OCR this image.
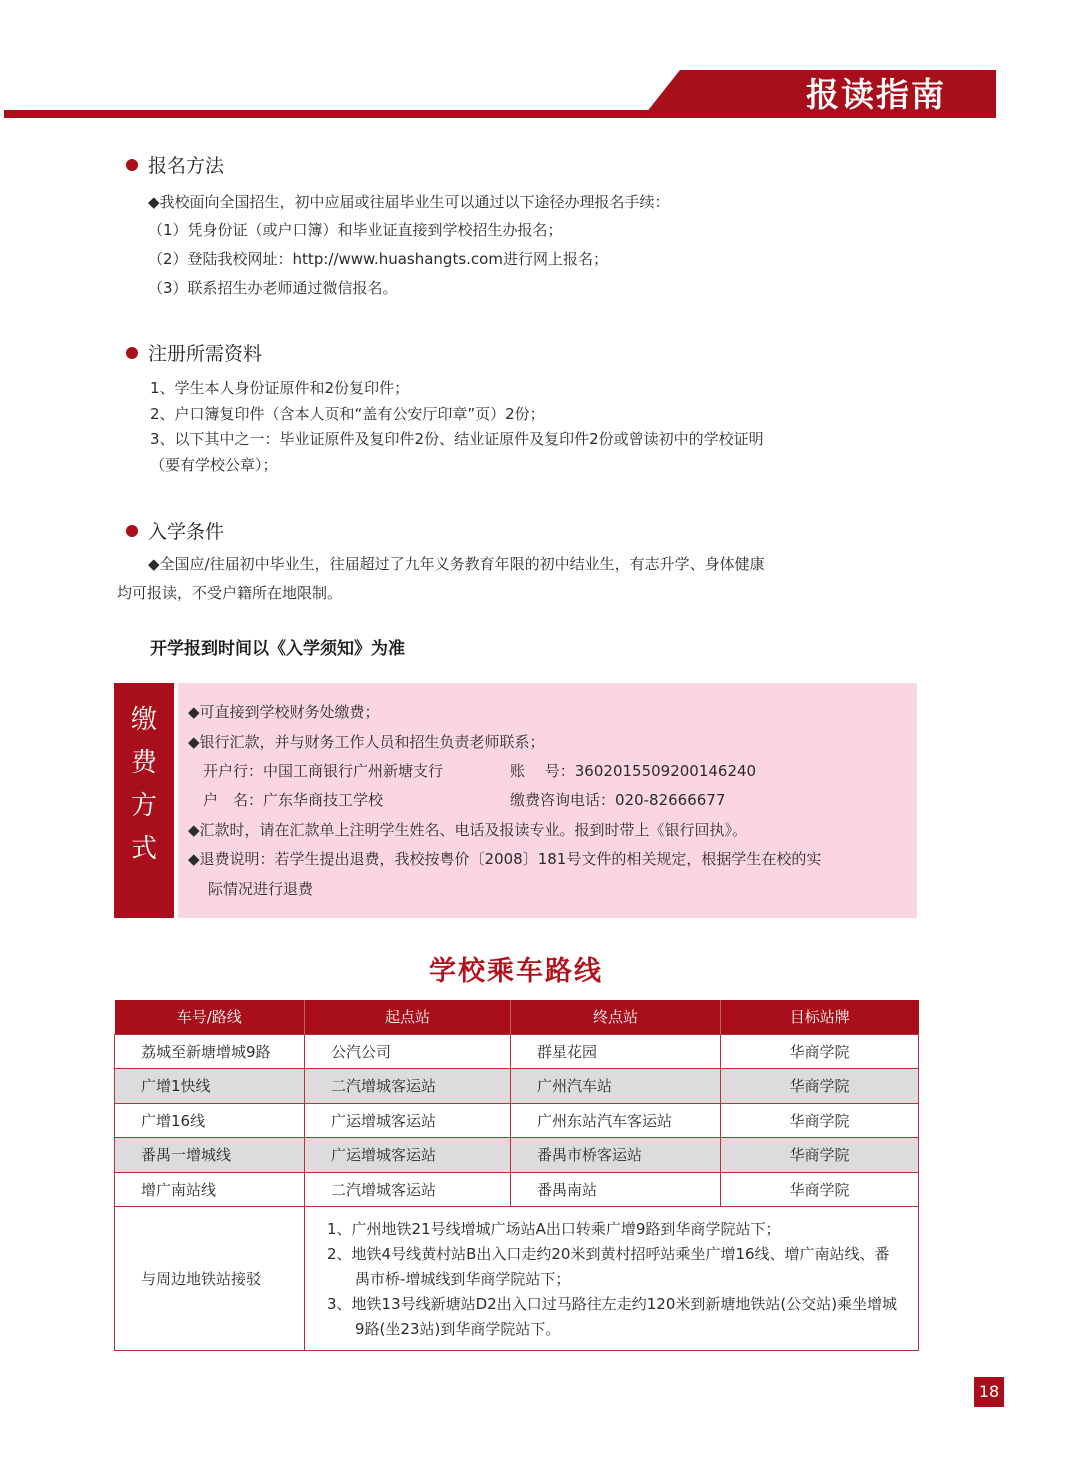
报读指南
报名方法
◆我校面向全国招生，初中应届或往届毕业生可以通过以下途径办理报名手续：
（1）凭身份证（或户口簿）和毕业证直接到学校招生办报名；
（2）登陆我校网址：http://www.huashangts.com进行网上报名；
（3）联系招生办老师通过微信报名。
注册所需资料
1、学生本人身份证原件和2份复印件；
2、户口簿复印件（含本人页和“盖有公安厅印章”页）2份；
3、以下其中之一：毕业证原件及复印件2份、结业证原件及复印件2份或曾读初中的学校证明
（要有学校公章）；
入学条件
◆全国应/往届初中毕业生，往届超过了九年义务教育年限的初中结业生，有志升学、身体健康
均可报读，不受户籍所在地限制。
开学报到时间以《入学须知》为准
缴
费
方
式
◆可直接到学校财务处缴费；
◆银行汇款，并与财务工作人员和招生负责老师联系；
开户行：中国工商银行广州新塘支行	账　 号：3602015509200146240
户　名：广东华商技工学校	缴费咨询电话：020-82666677
◆汇款时，请在汇款单上注明学生姓名、电话及报读专业。报到时带上《银行回执》。
◆退费说明：若学生提出退费，我校按粤价〔2008〕181号文件的相关规定，根据学生在校的实
际情况进行退费
学校乘车路线
车号/路线	起点站	终点站	目标站牌
荔城至新塘增城9路	公汽公司	群星花园	华商学院
广增1快线	二汽增城客运站	广州汽车站	华商学院
广增16线	广运增城客运站	广州东站汽车客运站	华商学院
番禺一增城线	广运增城客运站	番禺市桥客运站	华商学院
增广南站线	二汽增城客运站	番禺南站	华商学院
与周边地铁站接驳	1、广州地铁21号线增城广场站A出口转乘广增9路到华商学院站下；
2、地铁4号线黄村站B出入口走约20米到黄村招呼站乘坐广增16线、增广南站线、番禺市桥-增城线到华商学院站下；
3、地铁13号线新塘站D2出入口过马路往左走约120米到新塘地铁站(公交站)乘坐增城9路(坐23站)到华商学院站下。		
18
